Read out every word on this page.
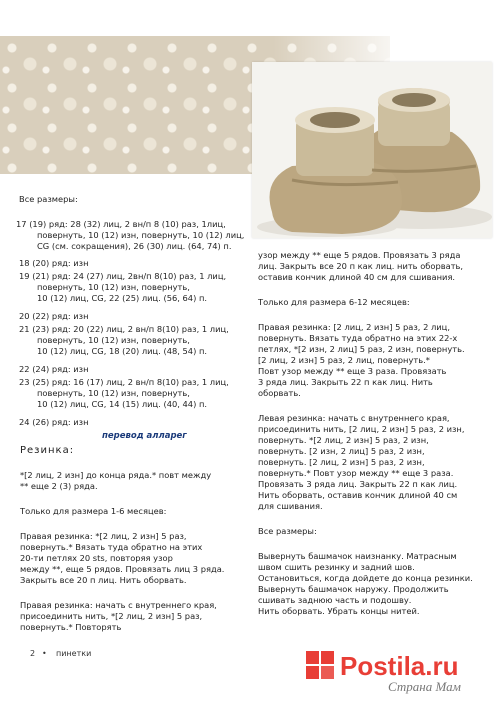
Все размеры:
17 (19) ряд: 28 (32) лиц, 2 вн/п 8 (10) раз, 1лиц,
повернуть, 10 (12) изн, повернуть, 10 (12) лиц,
CG (см. сокращения), 26 (30) лиц. (64, 74) п.
18 (20) ряд: изн
19 (21) ряд: 24 (27) лиц, 2вн/п 8(10) раз, 1 лиц,
повернуть, 10 (12) изн, повернуть,
10 (12) лиц, CG, 22 (25) лиц. (56, 64) п.
20 (22) ряд: изн
21 (23) ряд: 20 (22) лиц, 2 вн/п 8(10) раз, 1 лиц,
повернуть, 10 (12) изн, повернуть,
10 (12) лиц, CG, 18 (20) лиц. (48, 54) п.
22 (24) ряд: изн
23 (25) ряд: 16 (17) лиц, 2 вн/п 8(10) раз, 1 лиц,
повернуть, 10 (12) изн, повернуть,
10 (12) лиц, CG, 14 (15) лиц. (40, 44) п.
24 (26) ряд: изн
перевод алларег
Резинка:
*[2 лиц, 2 изн] до конца ряда.* повт между
** еще 2 (3) ряда.
Только для размера 1-6 месяцев:
Правая резинка: *[2 лиц, 2 изн] 5 раз,
повернуть.* Вязать туда обратно на этих
20-ти петлях 20 sts, повторяя узор
между **, еще 5 рядов. Провязать лиц 3 ряда.
Закрыть все 20 п лиц. Нить оборвать.
Правая резинка: начать с внутреннего края,
присоединить нить, *[2 лиц, 2 изн] 5 раз,
повернуть.* Повторять
узор между ** еще 5 рядов. Провязать 3 ряда
лиц. Закрыть все 20 п как лиц. нить оборвать,
оставив кончик длиной 40 см для сшивания.
Только для размера 6-12 месяцев:
Правая резинка: [2 лиц, 2 изн] 5 раз, 2 лиц,
повернуть. Вязать туда обратно на этих 22-х
петлях, *[2 изн, 2 лиц] 5 раз, 2 изн, повернуть.
[2 лиц, 2 изн] 5 раз, 2 лиц, повернуть.*
Повт узор между ** еще 3 раза. Провязать
3 ряда лиц. Закрыть 22 п как лиц. Нить
оборвать.
Левая резинка: начать с внутреннего края,
присоединить нить, [2 лиц, 2 изн] 5 раз, 2 изн,
повернуть. *[2 лиц, 2 изн] 5 раз, 2 изн,
повернуть. [2 изн, 2 лиц] 5 раз, 2 изн,
повернуть. [2 лиц, 2 изн] 5 раз, 2 изн,
повернуть.* Повт узор между ** еще 3 раза.
Провязать 3 ряда лиц. Закрыть 22 п как лиц.
Нить оборвать, оставив кончик длиной 40 см
для сшивания.
Все размеры:
Вывернуть башмачок наизнанку. Матрасным
швом сшить резинку и задний шов.
Остановиться, когда дойдете до конца резинки.
Вывернуть башмачок наружу. Продолжить
сшивать заднюю часть и подошву.
Нить оборвать. Убрать концы нитей.
2 • пинетки	Postila.ru
Страна Мам
